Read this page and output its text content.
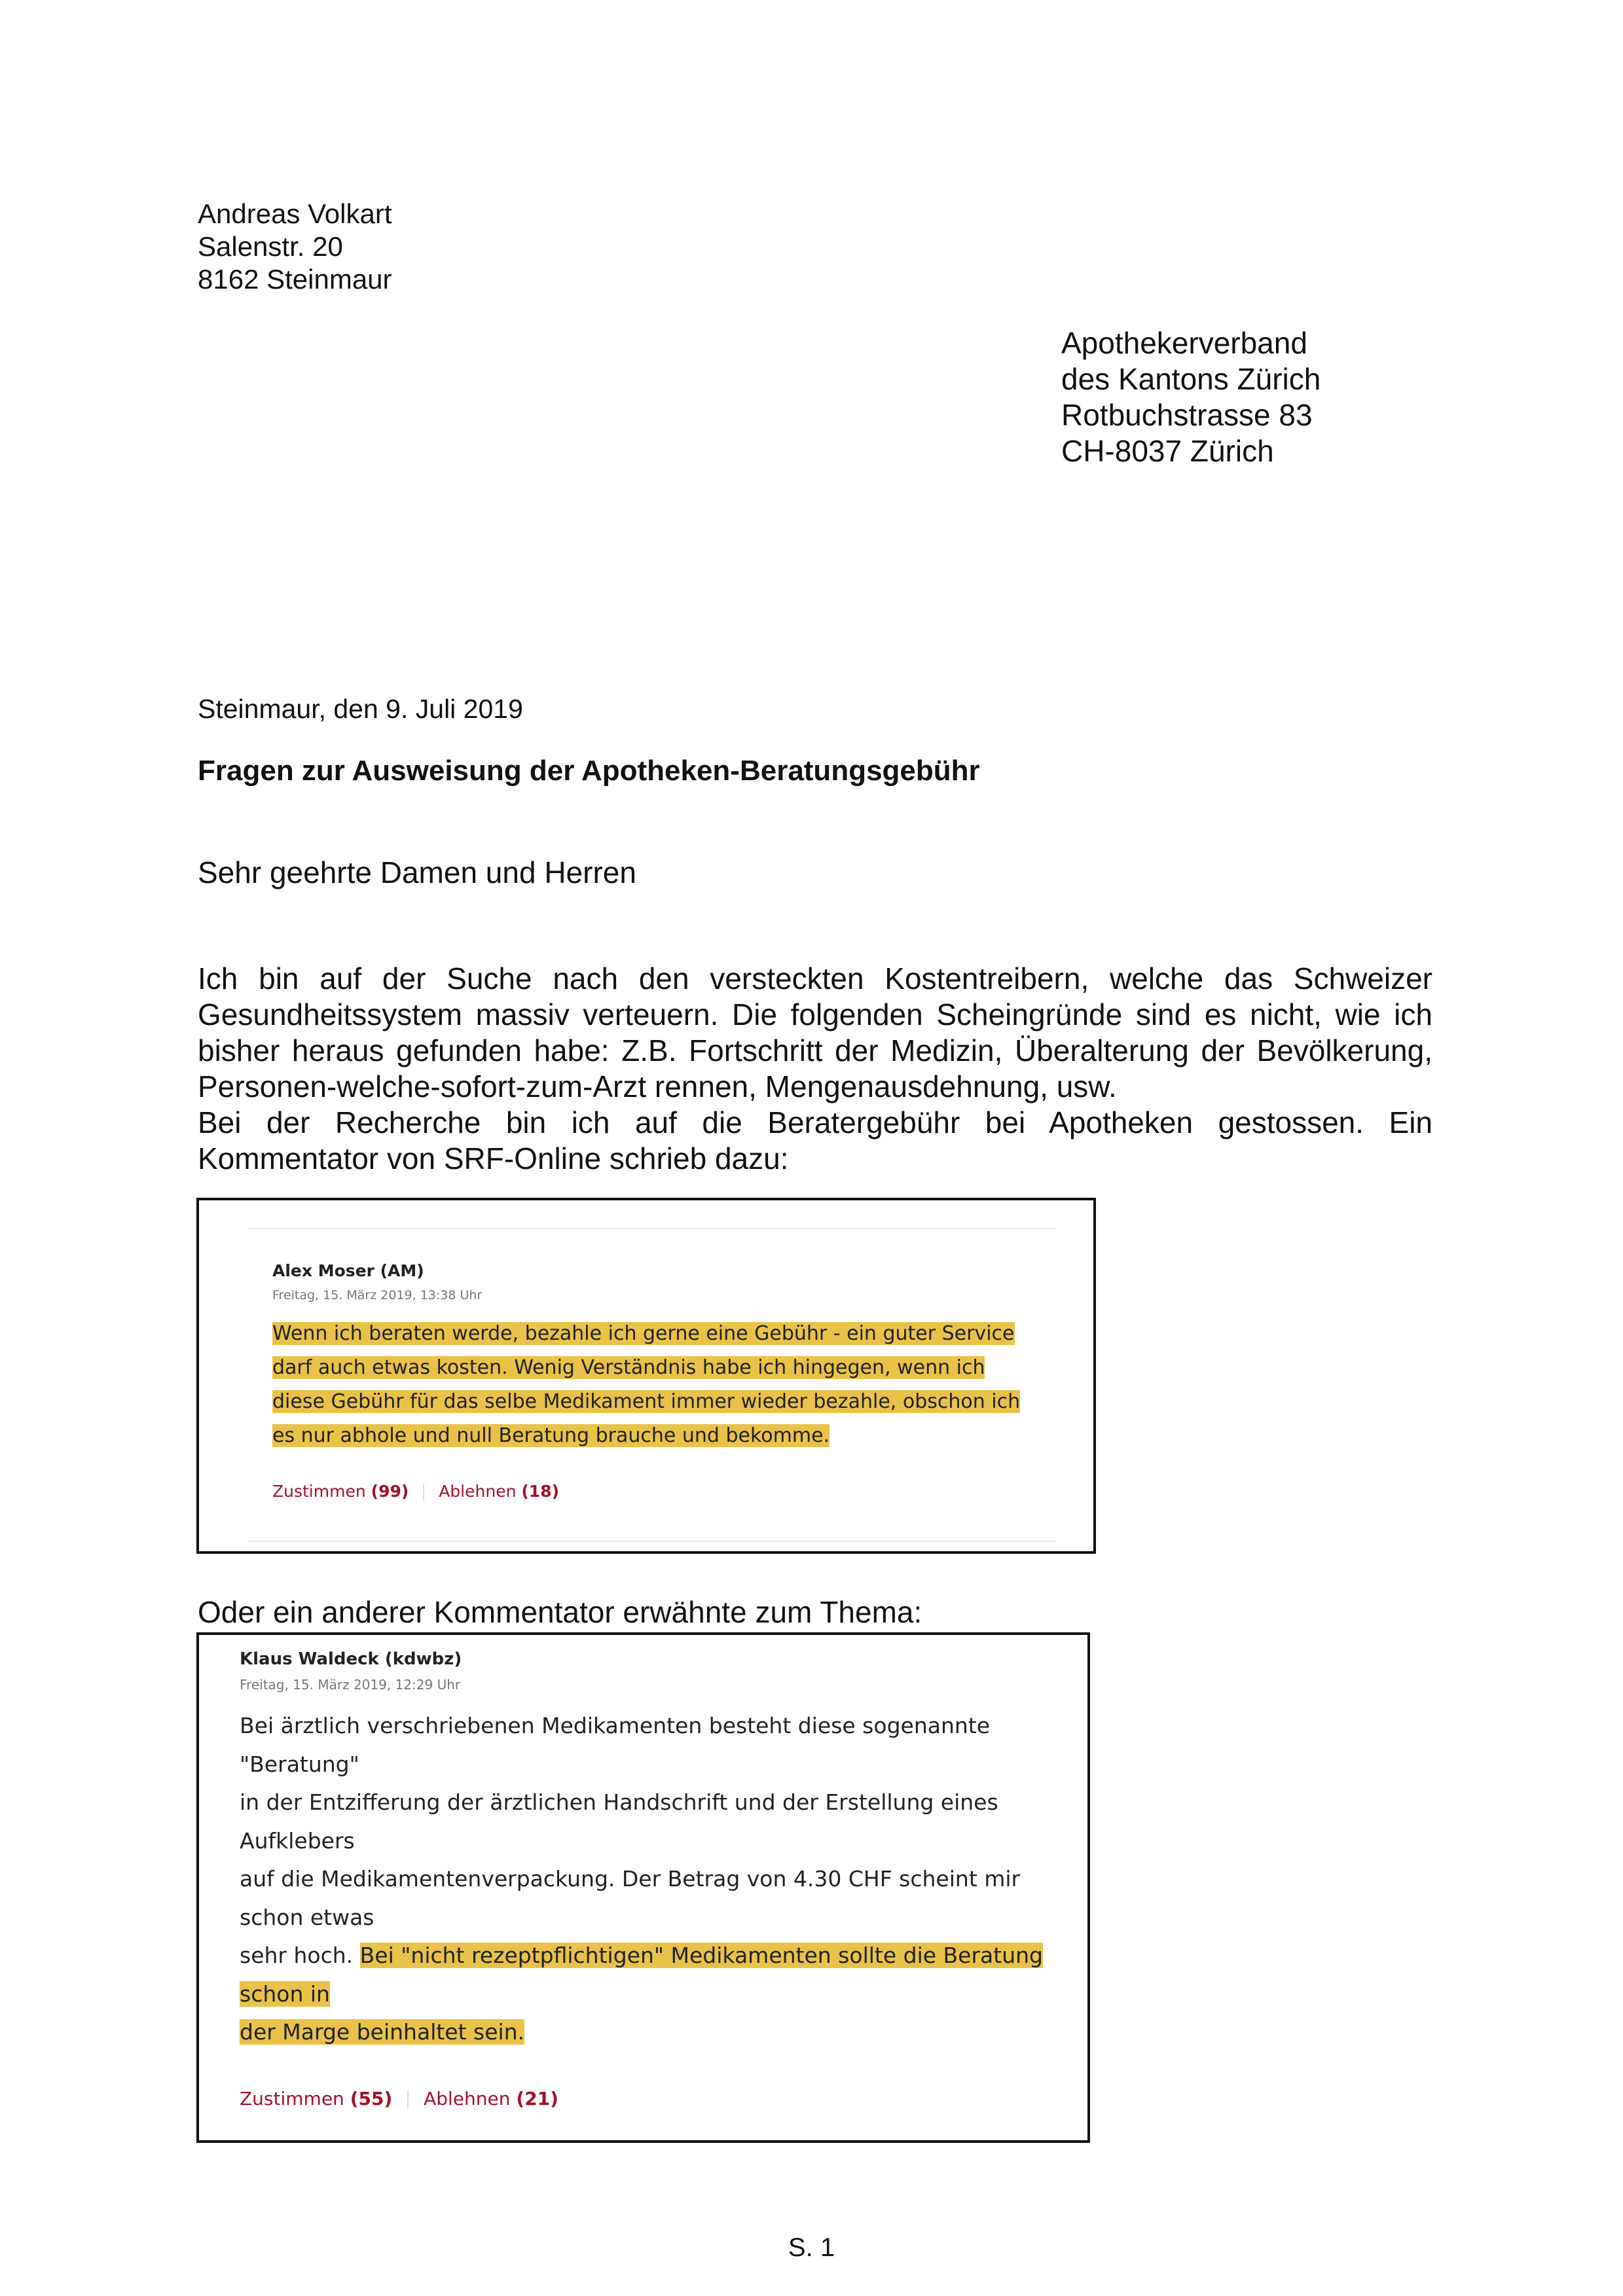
Andreas Volkart
Salenstr. 20
8162 Steinmaur
Apothekerverband
des Kantons Zürich
Rotbuchstrasse 83
CH-8037 Zürich
Steinmaur, den 9. Juli 2019
Fragen zur Ausweisung der Apotheken-Beratungsgebühr
Sehr geehrte Damen und Herren

Ich bin auf der Suche nach den versteckten Kostentreibern, welche das Schweizer Gesundheitssystem massiv verteuern. Die folgenden Scheingründe sind es nicht, wie ich bisher heraus gefunden habe: Z.B. Fortschritt der Medizin, Überalterung der Bevölkerung, Personen-welche-sofort-zum-Arzt rennen, Mengenausdehnung, usw.

Bei der Recherche bin ich auf die Beratergebühr bei Apotheken gestossen. Ein Kommentator von SRF-Online schrieb dazu:

Alex Moser (AM)
Freitag, 15. März 2019, 13:38 Uhr
Wenn ich beraten werde, bezahle ich gerne eine Gebühr - ein guter Service
darf auch etwas kosten. Wenig Verständnis habe ich hingegen, wenn ich
diese Gebühr für das selbe Medikament immer wieder bezahle, obschon ich
es nur abhole und null Beratung brauche und bekomme.
Zustimmen (99) Ablehnen (18)
Oder ein anderer Kommentator erwähnte zum Thema:
Klaus Waldeck (kdwbz)
Freitag, 15. März 2019, 12:29 Uhr
Bei ärztlich verschriebenen Medikamenten besteht diese sogenannte
"Beratung"
in der Entzifferung der ärztlichen Handschrift und der Erstellung eines
Aufklebers
auf die Medikamentenverpackung. Der Betrag von 4.30 CHF scheint mir
schon etwas
sehr hoch. Bei "nicht rezeptpflichtigen" Medikamenten sollte die Beratung
schon in
der Marge beinhaltet sein.
Zustimmen (55) Ablehnen (21)
S. 1
